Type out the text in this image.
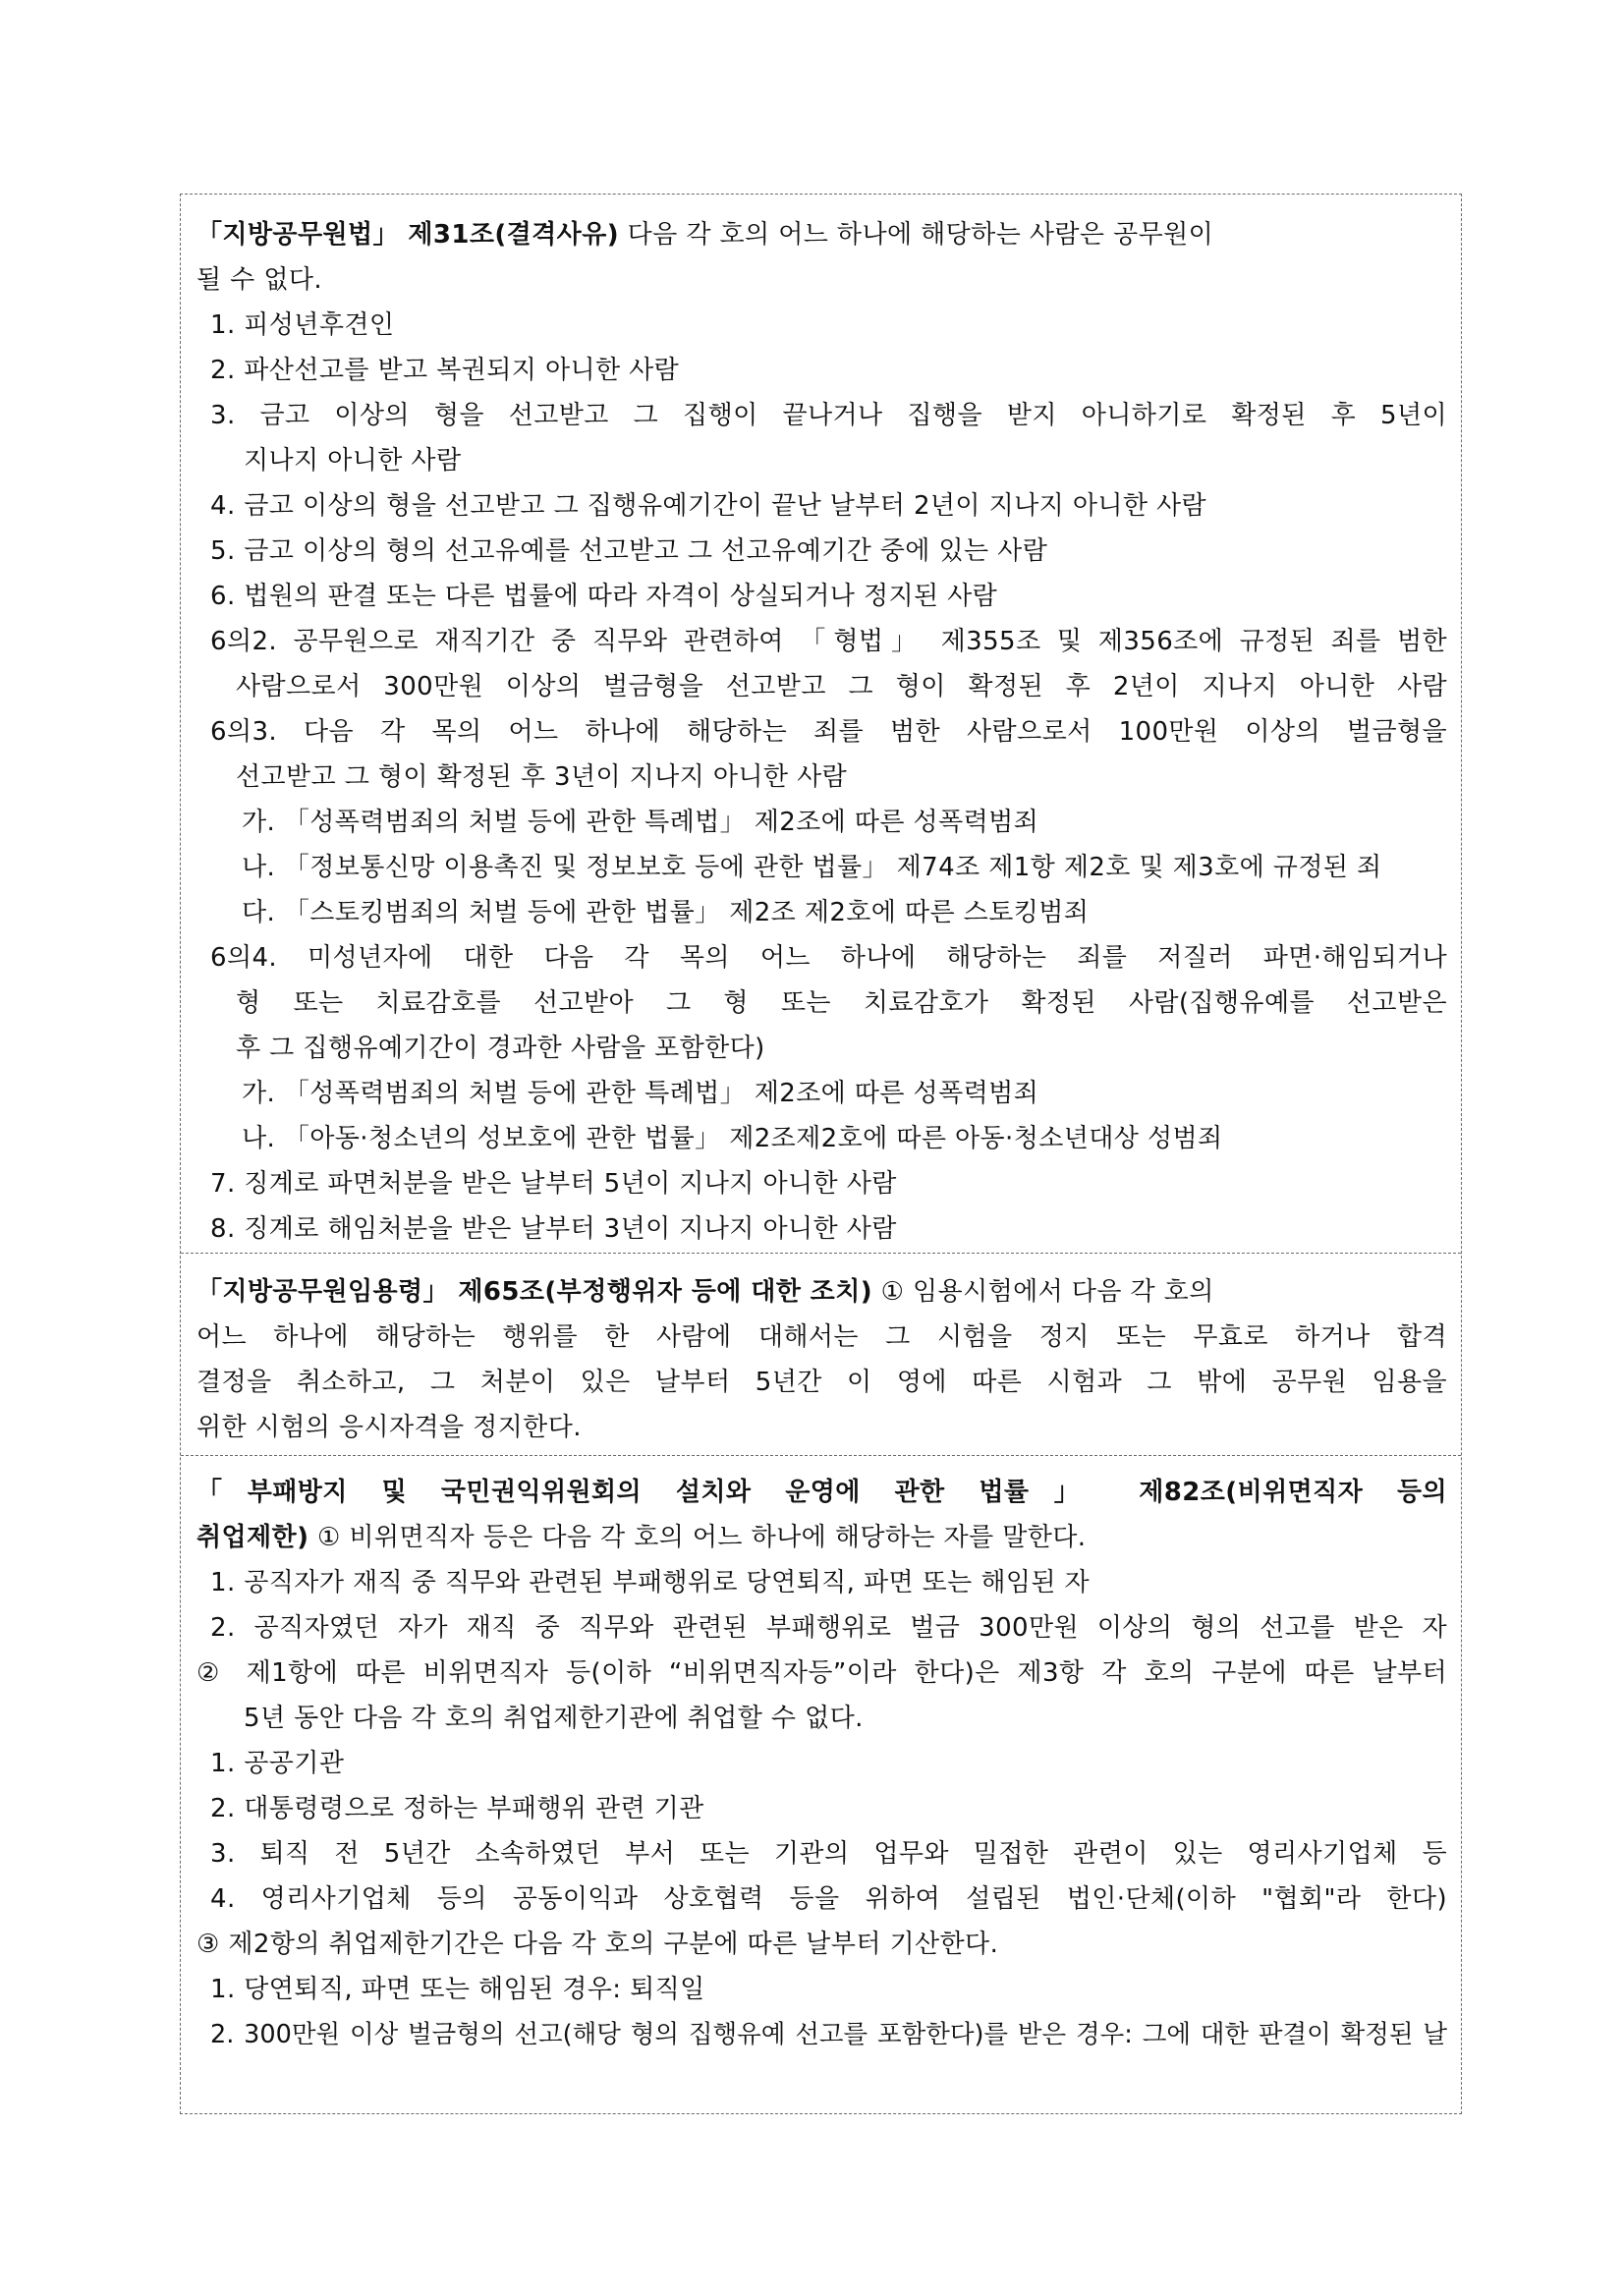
「지방공무원법」 제31조(결격사유) 다음 각 호의 어느 하나에 해당하는 사람은 공무원이
될 수 없다.
1. 피성년후견인
2. 파산선고를 받고 복권되지 아니한 사람
3. 금고 이상의 형을 선고받고 그 집행이 끝나거나 집행을 받지 아니하기로 확정된 후 5년이
지나지 아니한 사람
4. 금고 이상의 형을 선고받고 그 집행유예기간이 끝난 날부터 2년이 지나지 아니한 사람
5. 금고 이상의 형의 선고유예를 선고받고 그 선고유예기간 중에 있는 사람
6. 법원의 판결 또는 다른 법률에 따라 자격이 상실되거나 정지된 사람
6의2. 공무원으로 재직기간 중 직무와 관련하여 「형법」 제355조 및 제356조에 규정된 죄를 범한
사람으로서 300만원 이상의 벌금형을 선고받고 그 형이 확정된 후 2년이 지나지 아니한 사람
6의3. 다음 각 목의 어느 하나에 해당하는 죄를 범한 사람으로서 100만원 이상의 벌금형을
선고받고 그 형이 확정된 후 3년이 지나지 아니한 사람
가. 「성폭력범죄의 처벌 등에 관한 특례법」 제2조에 따른 성폭력범죄
나. 「정보통신망 이용촉진 및 정보보호 등에 관한 법률」 제74조 제1항 제2호 및 제3호에 규정된 죄
다. 「스토킹범죄의 처벌 등에 관한 법률」 제2조 제2호에 따른 스토킹범죄
6의4. 미성년자에 대한 다음 각 목의 어느 하나에 해당하는 죄를 저질러 파면·해임되거나
형 또는 치료감호를 선고받아 그 형 또는 치료감호가 확정된 사람(집행유예를 선고받은
후 그 집행유예기간이 경과한 사람을 포함한다)
가. 「성폭력범죄의 처벌 등에 관한 특례법」 제2조에 따른 성폭력범죄
나. 「아동·청소년의 성보호에 관한 법률」 제2조제2호에 따른 아동·청소년대상 성범죄
7. 징계로 파면처분을 받은 날부터 5년이 지나지 아니한 사람
8. 징계로 해임처분을 받은 날부터 3년이 지나지 아니한 사람
「지방공무원임용령」 제65조(부정행위자 등에 대한 조치) ① 임용시험에서 다음 각 호의
어느 하나에 해당하는 행위를 한 사람에 대해서는 그 시험을 정지 또는 무효로 하거나 합격
결정을 취소하고, 그 처분이 있은 날부터 5년간 이 영에 따른 시험과 그 밖에 공무원 임용을
위한 시험의 응시자격을 정지한다.
「부패방지 및 국민권익위원회의 설치와 운영에 관한 법률」 제82조(비위면직자 등의
취업제한) ① 비위면직자 등은 다음 각 호의 어느 하나에 해당하는 자를 말한다.
1. 공직자가 재직 중 직무와 관련된 부패행위로 당연퇴직, 파면 또는 해임된 자
2. 공직자였던 자가 재직 중 직무와 관련된 부패행위로 벌금 300만원 이상의 형의 선고를 받은 자
② 제1항에 따른 비위면직자 등(이하 “비위면직자등”이라 한다)은 제3항 각 호의 구분에 따른 날부터
5년 동안 다음 각 호의 취업제한기관에 취업할 수 없다.
1. 공공기관
2. 대통령령으로 정하는 부패행위 관련 기관
3. 퇴직 전 5년간 소속하였던 부서 또는 기관의 업무와 밀접한 관련이 있는 영리사기업체 등
4. 영리사기업체 등의 공동이익과 상호협력 등을 위하여 설립된 법인·단체(이하 "협회"라 한다)
③ 제2항의 취업제한기간은 다음 각 호의 구분에 따른 날부터 기산한다.
1. 당연퇴직, 파면 또는 해임된 경우: 퇴직일
2. 300만원 이상 벌금형의 선고(해당 형의 집행유예 선고를 포함한다)를 받은 경우: 그에 대한 판결이 확정된 날
